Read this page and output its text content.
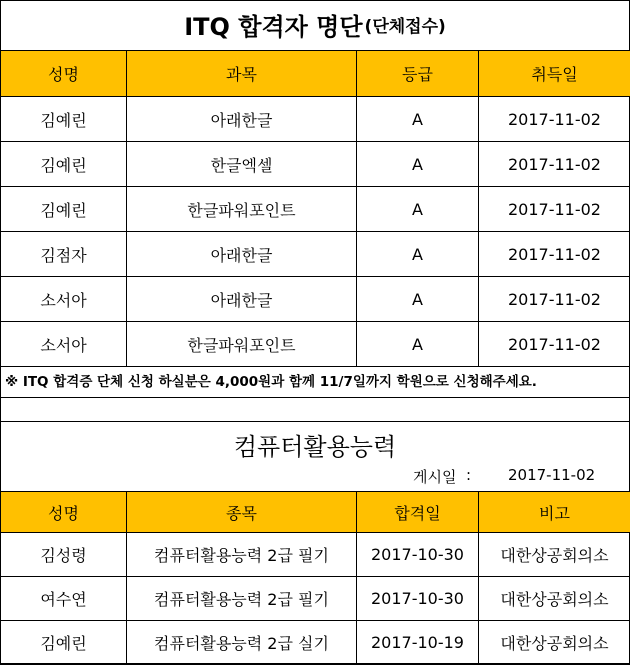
ITQ 합격자 명단 (단체접수)
성명	과목	등급	취득일
김예린	아래한글	A	2017-11-02
김예린	한글엑셀	A	2017-11-02
김예린	한글파워포인트	A	2017-11-02
김점자	아래한글	A	2017-11-02
소서아	아래한글	A	2017-11-02
소서아	한글파워포인트	A	2017-11-02
※ ITQ 합격증 단체 신청 하실분은 4,000원과 함께 11/7일까지 학원으로 신청해주세요.
컴퓨터활용능력
게시일 : 2017-11-02
성명	종목	합격일	비고
김성령	컴퓨터활용능력 2급 필기	2017-10-30	대한상공회의소
여수연	컴퓨터활용능력 2급 필기	2017-10-30	대한상공회의소
김예린	컴퓨터활용능력 2급 실기	2017-10-19	대한상공회의소
